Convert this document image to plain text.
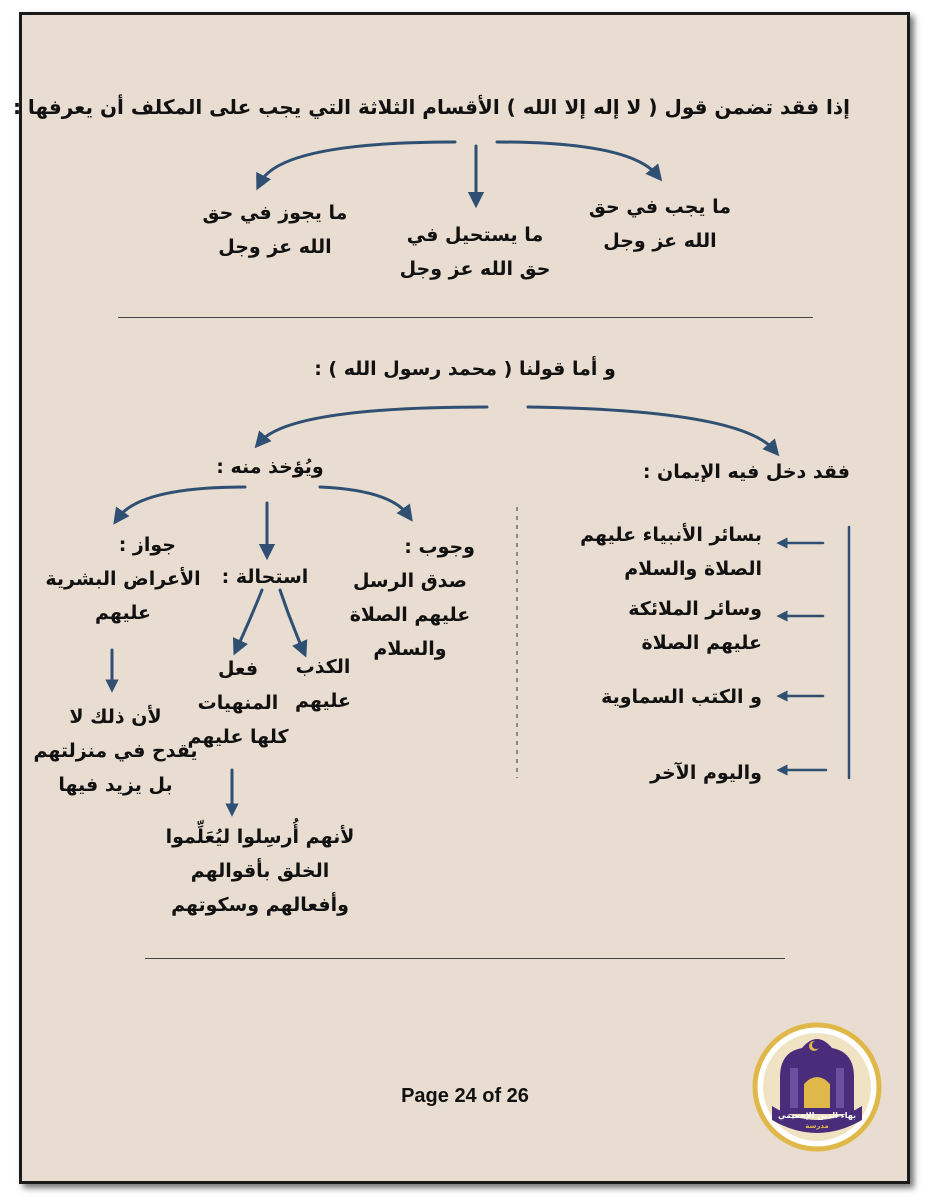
إذا فقد تضمن قول ( لا إله إلا الله ) الأقسام الثلاثة التي يجب على المكلف أن يعرفها :
ما يجب في حق
الله عز وجل
ما يستحيل في
حق الله عز وجل
ما يجوز في حق
الله عز وجل
و أما قولنا ( محمد رسول الله ) :
فقد دخل فيه الإيمان :
بسائر الأنبياء عليهم
الصلاة والسلام
وسائر الملائكة
عليهم الصلاة
و الكتب السماوية
واليوم الآخر
ويُؤخذ منه :
وجوب :
صدق الرسل
عليهم الصلاة
والسلام
استحالة :
الكذب
عليهم
فعل
المنهيات
كلها عليهم
لأنهم أُرسِلوا ليُعَلِّموا
الخلق بأقوالهم
وأفعالهم وسكوتهم
جواز :
الأعراض البشرية
عليهم
لأن ذلك لا
يقدح في منزلتهم
بل يزيد فيها
Page 24 of 26
بهاء الدين الإخميمي
مدرسة
